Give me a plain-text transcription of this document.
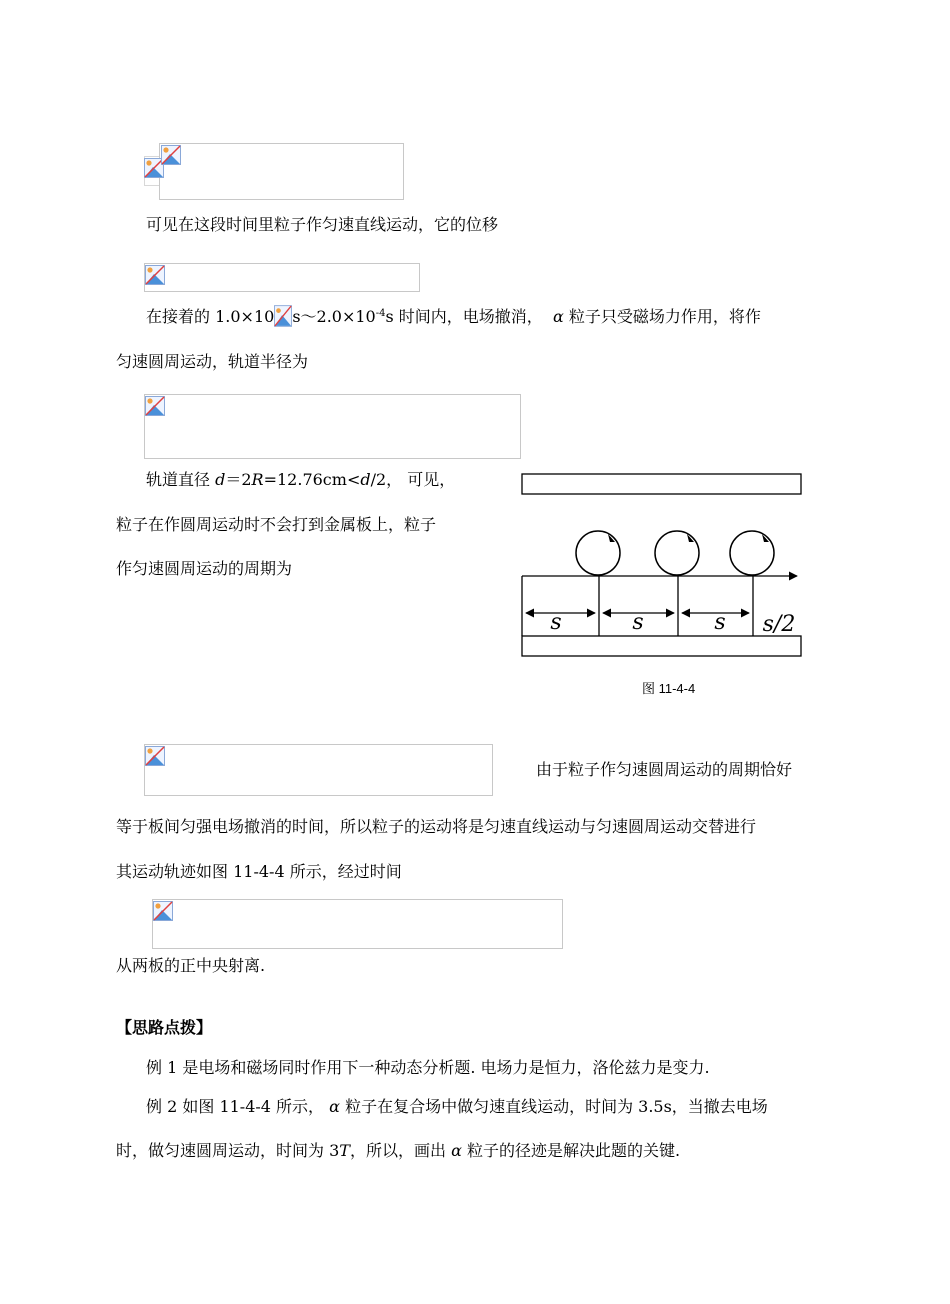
可见在这段时间里粒子作匀速直线运动，它的位移
在接着的 1.0×10 $s\sim 2.0\times 10^{-4}s$ 时间内，电场撤消， α 粒子只受磁场力作用，将作
匀速圆周运动，轨道半径为
轨道直径 d＝2R=12.76cm<d/2， 可见，
粒子在作圆周运动时不会打到金属板上，粒子
作匀速圆周运动的周期为
s	s	s s/2
图 11-4-4
由于粒子作匀速圆周运动的周期恰好
等于板间匀强电场撤消的时间，所以粒子的运动将是匀速直线运动与匀速圆周运动交替进行
其运动轨迹如图 11-4-4 所示，经过时间
从两板的正中央射离.
【思路点拨】
例 1 是电场和磁场同时作用下一种动态分析题. 电场力是恒力，洛伦兹力是变力.
例 2 如图 11-4-4 所示， α 粒子在复合场中做匀速直线运动，时间为 3.5s，当撤去电场
时，做匀速圆周运动，时间为 3T，所以，画出 α 粒子的径迹是解决此题的关键.
